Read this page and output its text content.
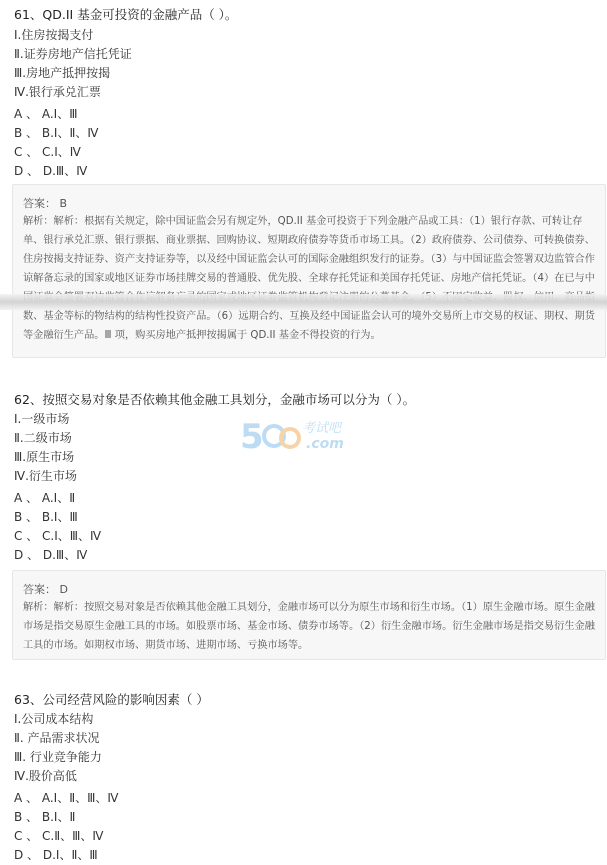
61、QD.II 基金可投资的金融产品（ ）。
Ⅰ.住房按揭支付
Ⅱ.证券房地产信托凭证
Ⅲ.房地产抵押按揭
Ⅳ.银行承兑汇票
A 、 A.Ⅰ、Ⅲ
B 、 B.Ⅰ、Ⅱ、Ⅳ
C 、 C.Ⅰ、Ⅳ
D 、 D.Ⅲ、Ⅳ
答案： B
解析：解析：根据有关规定，除中国证监会另有规定外，QD.II 基金可投资于下列金融产品或工具：（1）银行存款、可转让存单、银行承兑汇票、银行票据、商业票据、回购协议、短期政府债券等货币市场工具。（2）政府债券、公司债券、可转换债券、住房按揭支持证券、资产支持证券等，以及经中国证监会认可的国际金融组织发行的证券。（3）与中国证监会签署双边监管合作谅解备忘录的国家或地区证券市场挂牌交易的普通股、优先股、全球存托凭证和美国存托凭证、房地产信托凭证。（4）在已与中 数、基金等标的物结构的结构性投资产品。（6）远期合约、互换及经中国证监会认可的境外交易所上市交易的权证、期权、期货等金融衍生产品。Ⅲ 项，购买房地产抵押按揭属于 QD.II 基金不得投资的行为。
62、按照交易对象是否依赖其他金融工具划分，金融市场可以分为（ ）。
Ⅰ.一级市场
Ⅱ.二级市场
Ⅲ.原生市场
Ⅳ.衍生市场
A 、 A.Ⅰ、Ⅱ
B 、 B.Ⅰ、Ⅲ
C 、 C.Ⅰ、Ⅲ、Ⅳ
D 、 D.Ⅲ、Ⅳ
答案： D
解析：解析：按照交易对象是否依赖其他金融工具划分，金融市场可以分为原生市场和衍生市场。（1）原生金融市场。原生金融市场是指交易原生金融工具的市场。如股票市场、基金市场、债券市场等。（2）衍生金融市场。衍生金融市场是指交易衍生金融工具的市场。如期权市场、期货市场、进期市场、亏换市场等。
5	考试吧
.com
63、公司经营风险的影响因素（ ）
Ⅰ.公司成本结构
Ⅱ. 产品需求状况
Ⅲ. 行业竞争能力
Ⅳ.股价高低
A 、 A.Ⅰ、Ⅱ、Ⅲ、Ⅳ
B 、 B.Ⅰ、Ⅱ
C 、 C.Ⅱ、Ⅲ、Ⅳ
D 、 D.Ⅰ、Ⅱ、Ⅲ
